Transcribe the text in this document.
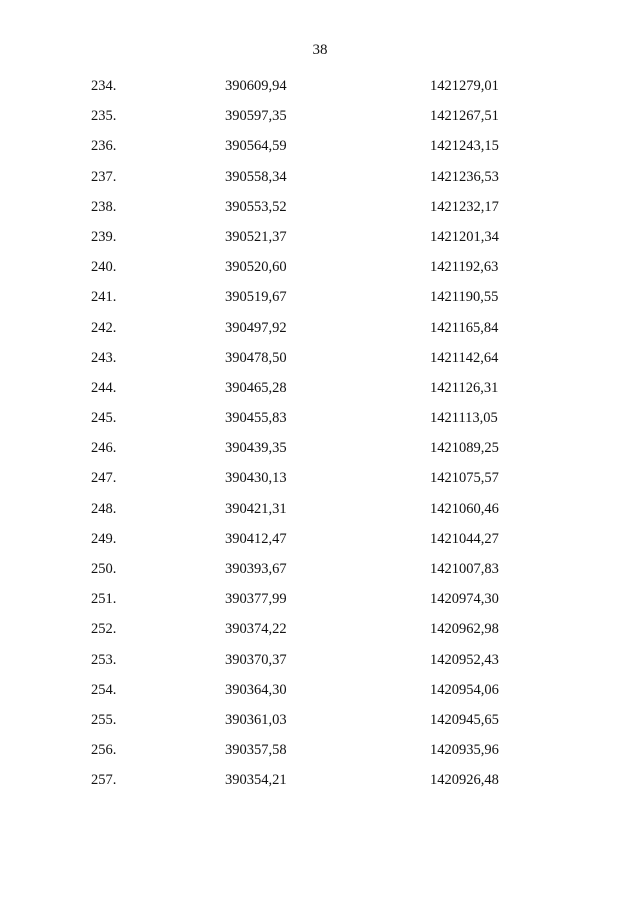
38
234.	390609,94	1421279,01
235.	390597,35	1421267,51
236.	390564,59	1421243,15
237.	390558,34	1421236,53
238.	390553,52	1421232,17
239.	390521,37	1421201,34
240.	390520,60	1421192,63
241.	390519,67	1421190,55
242.	390497,92	1421165,84
243.	390478,50	1421142,64
244.	390465,28	1421126,31
245.	390455,83	1421113,05
246.	390439,35	1421089,25
247.	390430,13	1421075,57
248.	390421,31	1421060,46
249.	390412,47	1421044,27
250.	390393,67	1421007,83
251.	390377,99	1420974,30
252.	390374,22	1420962,98
253.	390370,37	1420952,43
254.	390364,30	1420954,06
255.	390361,03	1420945,65
256.	390357,58	1420935,96
257.	390354,21	1420926,48
